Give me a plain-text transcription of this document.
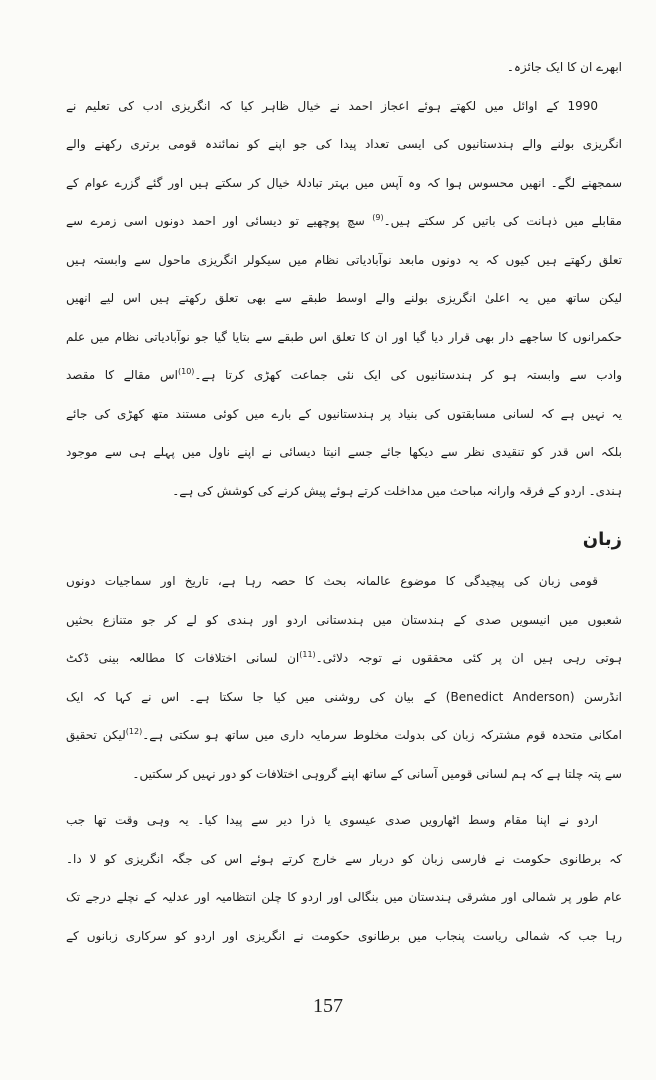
ابھرے ان کا ایک جائزہ۔
1990 کے اوائل میں لکھتے ہوئے اعجاز احمد نے خیال ظاہر کیا کہ انگریزی ادب کی تعلیم نے
انگریزی بولنے والے ہندستانیوں کی ایسی تعداد پیدا کی جو اپنے کو نمائندہ قومی برتری رکھنے والے
سمجھنے لگے۔ انھیں محسوس ہوا کہ وہ آپس میں بہتر تبادلۂ خیال کر سکتے ہیں اور گئے گزرے عوام کے
مقابلے میں ذہانت کی باتیں کر سکتے ہیں۔$^{(9)}$ سچ پوچھیے تو دیسائی اور احمد دونوں اسی زمرے سے
تعلق رکھتے ہیں کیوں کہ یہ دونوں مابعد نوآبادیاتی نظام میں سیکولر انگریزی ماحول سے وابستہ ہیں
لیکن ساتھ میں یہ اعلیٰ انگریزی بولنے والے اوسط طبقے سے بھی تعلق رکھتے ہیں اس لیے انھیں
حکمرانوں کا ساجھے دار بھی قرار دیا گیا اور ان کا تعلق اس طبقے سے بتایا گیا جو نوآبادیاتی نظام میں علم
وادب سے وابستہ ہو کر ہندستانیوں کی ایک نئی جماعت کھڑی کرتا ہے۔$^{(10)}$اس مقالے کا مقصد
یہ نہیں ہے کہ لسانی مسابقتوں کی بنیاد پر ہندستانیوں کے بارے میں کوئی مستند متھ کھڑی کی جائے
بلکہ اس قدر کو تنقیدی نظر سے دیکھا جائے جسے انیتا دیسائی نے اپنے ناول میں پہلے ہی سے موجود
ہندی۔ اردو کے فرقہ وارانہ مباحث میں مداخلت کرتے ہوئے پیش کرنے کی کوشش کی ہے۔
زبان
قومی زبان کی پیچیدگی کا موضوع عالمانہ بحث کا حصہ رہا ہے، تاریخ اور سماجیات دونوں
شعبوں میں انیسویں صدی کے ہندستان میں ہندستانی اردو اور ہندی کو لے کر جو متنازع بحثیں
ہوتی رہی ہیں ان پر کئی محققوں نے توجہ دلائی۔$^{(11)}$ان لسانی اختلافات کا مطالعہ بینی ڈکٹ
انڈرسن (Benedict Anderson) کے بیان کی روشنی میں کیا جا سکتا ہے۔ اس نے کہا کہ ایک
امکانی متحدہ قوم مشترکہ زبان کی بدولت مخلوط سرمایہ داری میں ساتھ ہو سکتی ہے۔$^{(12)}$لیکن تحقیق
سے پتہ چلتا ہے کہ ہم لسانی قومیں آسانی کے ساتھ اپنے گروہی اختلافات کو دور نہیں کر سکتیں۔
اردو نے اپنا مقام وسط اٹھارویں صدی عیسوی یا ذرا دیر سے پیدا کیا۔ یہ وہی وقت تھا جب
کہ برطانوی حکومت نے فارسی زبان کو دربار سے خارج کرتے ہوئے اس کی جگہ انگریزی کو لا دا۔
عام طور پر شمالی اور مشرقی ہندستان میں بنگالی اور اردو کا چلن انتظامیہ اور عدلیہ کے نچلے درجے تک
رہا جب کہ شمالی ریاست پنجاب میں برطانوی حکومت نے انگریزی اور اردو کو سرکاری زبانوں کے
157
